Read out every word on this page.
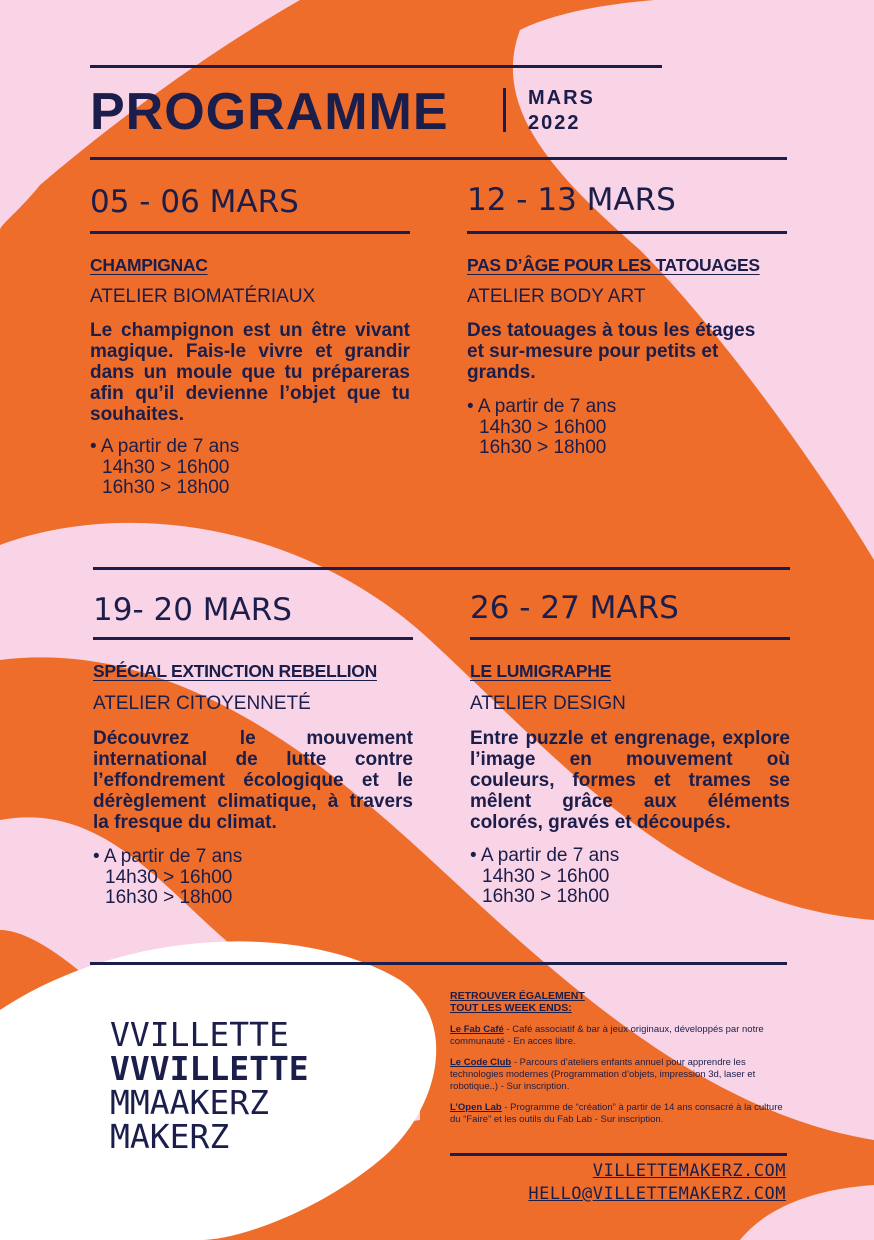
PROGRAMME	MARS
2022
05 - 06 MARS
CHAMPIGNAC
ATELIER BIOMATÉRIAUX
Le champignon est un être vivant magique. Fais-le vivre et grandir dans un moule que tu prépareras afin qu’il devienne l’objet que tu souhaites.
• A partir de 7 ans
14h30 > 16h00
16h30 > 18h00
12 - 13 MARS
PAS D’ÂGE POUR LES TATOUAGES
ATELIER BODY ART
Des tatouages à tous les étages et sur-mesure pour petits et grands.
• A partir de 7 ans
14h30 > 16h00
16h30 > 18h00
19- 20 MARS
SPÉCIAL EXTINCTION REBELLION
ATELIER CITOYENNETÉ
Découvrez le mouvement international de lutte contre l’effondrement écologique et le dérèglement climatique, à travers la fresque du climat.
• A partir de 7 ans
14h30 > 16h00
16h30 > 18h00
26 - 27 MARS
LE LUMIGRAPHE
ATELIER DESIGN
Entre puzzle et engrenage, explore l’image en mouvement où couleurs, formes et trames se mêlent grâce aux éléments colorés, gravés et découpés.
• A partir de 7 ans
14h30 > 16h00
16h30 > 18h00
VVILLETTE
VVVILLETTE
MMAAKERZ
MAKERZ
RETROUVER ÉGALEMENT
TOUT LES WEEK ENDS:
Le Fab Café - Café associatif & bar à jeux originaux, développés par notre communauté - En acces libre.
Le Code Club - Parcours d’ateliers enfants annuel pour apprendre les technologies modernes (Programmation d’objets, impression 3d, laser et robotique..) - Sur inscription.
L’Open Lab - Programme de “création” à partir de 14 ans consacré à la culture du “Faire” et les outils du Fab Lab - Sur inscription.
VILLETTEMAKERZ.COM
HELLO@VILLETTEMAKERZ.COM
